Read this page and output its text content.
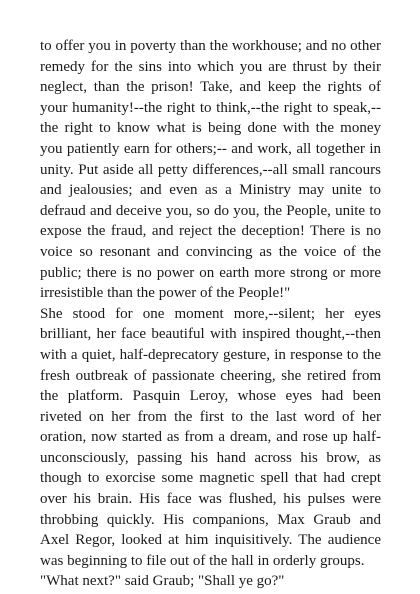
to offer you in poverty than the workhouse; and no other remedy for the sins into which you are thrust by their neglect, than the prison! Take, and keep the rights of your humanity!--the right to think,--the right to speak,--the right to know what is being done with the money you patiently earn for others;-- and work, all together in unity. Put aside all petty differences,--all small rancours and jealousies; and even as a Ministry may unite to defraud and deceive you, so do you, the People, unite to expose the fraud, and reject the deception! There is no voice so resonant and convincing as the voice of the public; there is no power on earth more strong or more irresistible than the power of the People!"

She stood for one moment more,--silent; her eyes brilliant, her face beautiful with inspired thought,--then with a quiet, half-deprecatory gesture, in response to the fresh outbreak of passionate cheering, she retired from the platform. Pasquin Leroy, whose eyes had been riveted on her from the first to the last word of her oration, now started as from a dream, and rose up half-unconsciously, passing his hand across his brow, as though to exorcise some magnetic spell that had crept over his brain. His face was flushed, his pulses were throbbing quickly. His companions, Max Graub and Axel Regor, looked at him inquisitively. The audience was beginning to file out of the hall in orderly groups.

"What next?" said Graub; "Shall ye go?"
